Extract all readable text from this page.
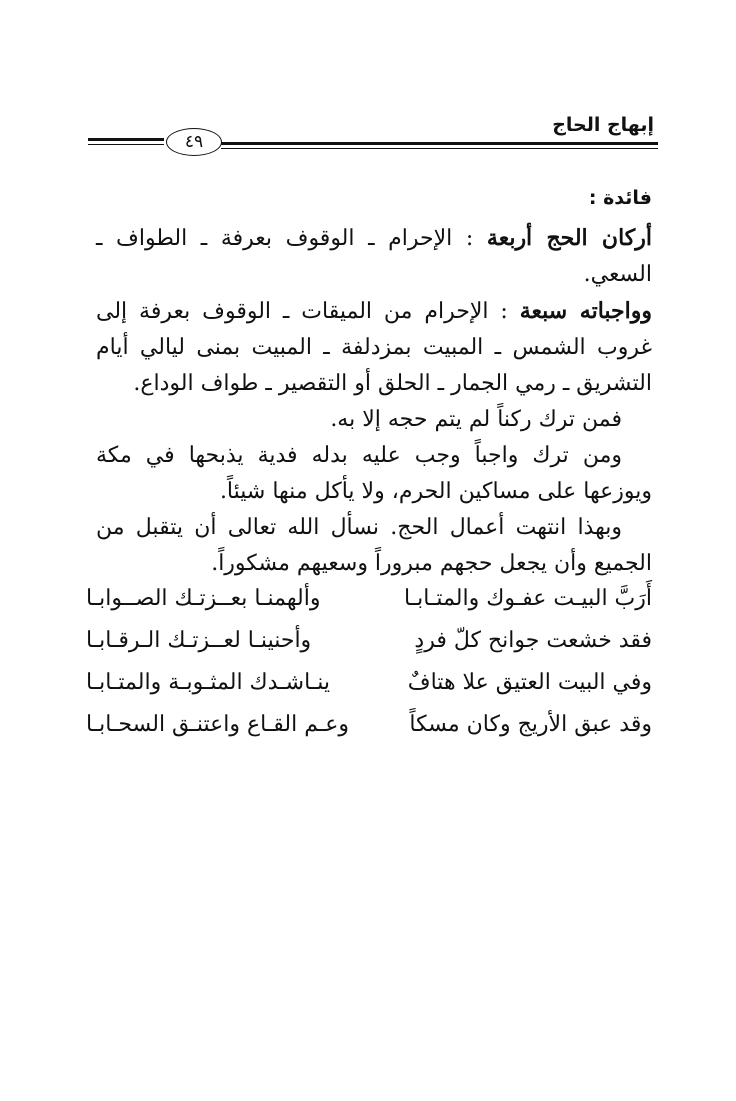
إبهاج الحاج
٤٩
فائدة :

أركان الحج أربعة : الإحرام ـ الوقوف بعرفة ـ الطواف ـ السعي.

وواجباته سبعة : الإحرام من الميقات ـ الوقوف بعرفة إلى غروب الشمس ـ المبيت بمزدلفة ـ المبيت بمنى ليالي أيام التشريق ـ رمي الجمار ـ الحلق أو التقصير ـ طواف الوداع.

فمن ترك ركناً لم يتم حجه إلا به.

ومن ترك واجباً وجب عليه بدله فدية يذبحها في مكة ويوزعها على مساكين الحرم، ولا يأكل منها شيئاً.

وبهذا انتهت أعمال الحج. نسأل الله تعالى أن يتقبل من الجميع وأن يجعل حجهم مبروراً وسعيهم مشكوراً.

أَرَبَّ البيـت عفـوك والمتـابـا
وألهمنـا بعــزتـك الصــوابـا
فقد خشعت جوانح كلّ فردٍ
وأحنينـا لعــزتـك الـرقـابـا
وفي البيت العتيق علا هتافٌ
ينـاشـدك المثـوبـة والمتـابـا
وقد عبق الأريج وكان مسكاً
وعـم القـاع واعتنـق السحـابـا
